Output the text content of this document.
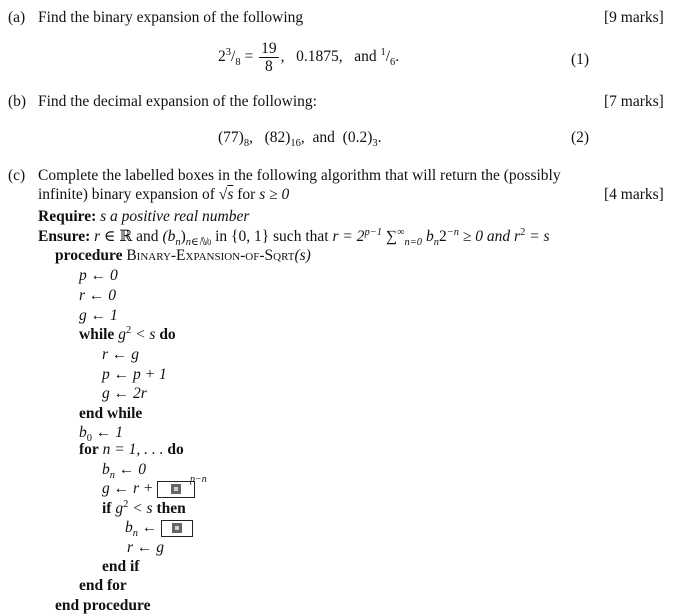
(a) Find the binary expansion of the following	[9 marks]
$2^3/_8 = \frac{19}{8}$ ,   0.1875,   and $^1/_6$.	(1)
(b) Find the decimal expansion of the following:	[7 marks]
$(77)_8$, $(82)_{16}$, and $(0.2)_3$.	(2)
(c) Complete the labelled boxes in the following algorithm that will return the (possibly
infinite) binary expansion of √s for s ≥ 0	[4 marks]
Require: s a positive real number
Ensure: r ∈ ℝ and $(b_n)_{n\in ℕ0}$ in {0, 1} such that $r = 2^{p-1}$ $\sum^\infty_{n=0}$ $b_n2^{-n} \ge 0$ and $r^2 = s$
procedure Binary-Expansion-of-Sqrt(s)
p ← 0
r ← 0
g ← 1
while $g^2 < s$ do
r ← g
p ← p + 1
g ← 2r
end while
$b_0$ ← 1
for n = 1, . . . do
$b_n$ ← 0
g ← r +
p−n
if $g^2 < s$ then
$b_n$ ←
r ← g
end if
end for
end procedure
